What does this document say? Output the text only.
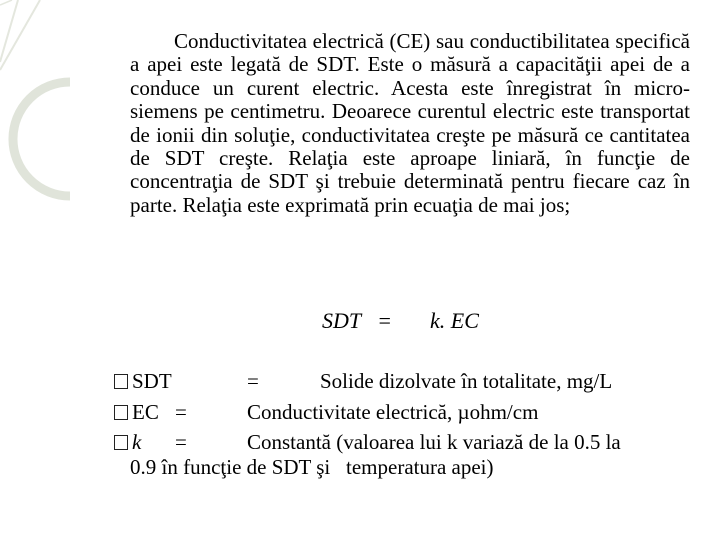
Conductivitatea electrică (CE) sau conductibilitatea specifică a apei este legată de SDT. Este o măsură a capacităţii apei de a conduce un curent electric. Acesta este înregistrat în micro-siemens pe centimetru. Deoarece curentul electric este transportat de ionii din soluţie, conductivitatea creşte pe măsură ce cantitatea de SDT creşte. Relaţia este aproape liniară, în funcţie de concentraţia de SDT şi trebuie determinată pentru fiecare caz în parte. Relaţia este exprimată prin ecuaţia de mai jos;
SDT = k. EC
SDT	=	Solide dizolvate în totalitate, mg/L
EC =	Conductivitate electrică, µohm/cm
k =	Constantă (valoarea lui k variază de la 0.5 la
0.9 în funcţie de SDT şi   temperatura apei)
